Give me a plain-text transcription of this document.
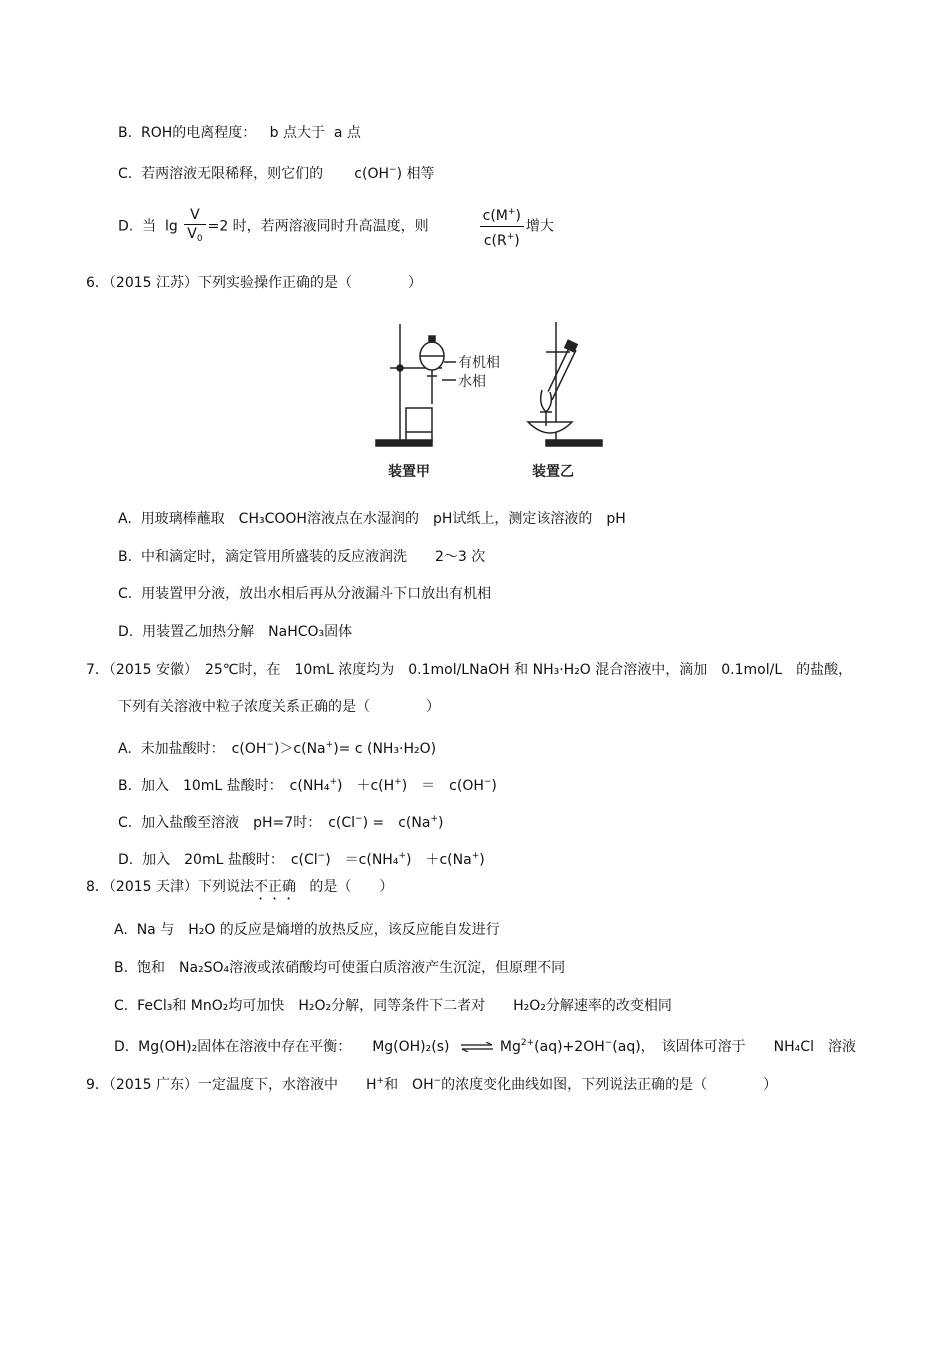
B. ROH的电离程度： b 点大于 a 点
C. 若两溶液无限稀释，则它们的 c(OH−) 相等
D. 当 $\lg \frac{V}{V_0} =2$ 时，若两溶液同时升高温度，则	$\frac{c(M^+)}{c(R^+)}$ 增大
6．（2015 江苏）下列实验操作正确的是（　　　　）
有机相
水相
装置甲	装置乙
A. 用玻璃棒蘸取　CH₃COOH溶液点在水湿润的　pH试纸上，测定该溶液的　pH
B. 中和滴定时，滴定管用所盛装的反应液润洗　　2～3 次
C. 用装置甲分液，放出水相后再从分液漏斗下口放出有机相
D. 用装置乙加热分解　NaHCO₃固体
7．（2015 安徽）　25℃时，在　10mL 浓度均为　0.1mol/LNaOH 和 NH₃·H₂O 混合溶液中，滴加　0.1mol/L　的盐酸，
下列有关溶液中粒子浓度关系正确的是（　　　　）
A. 未加盐酸时：　c(OH−)＞c(Na+)= c (NH₃·H₂O)
B. 加入　10mL 盐酸时：　c(NH₄+)　＋c(H+)　＝　c(OH−)
C. 加入盐酸至溶液　pH=7时：　c(Cl−) =　c(Na+)
D. 加入　20mL 盐酸时：　c(Cl−)　＝c(NH₄+)　＋c(Na+)
8．（2015 天津）下列说法不正确 的是（　　）
A. Na 与　H₂O 的反应是熵增的放热反应，该反应能自发进行
B. 饱和　Na₂SO₄溶液或浓硝酸均可使蛋白质溶液产生沉淀，但原理不同
C. FeCl₃和 MnO₂均可加快　H₂O₂分解，同等条件下二者对　　H₂O₂分解速率的改变相同
D. Mg(OH)₂固体在溶液中存在平衡：　　Mg(OH)₂(s) ⇌ $Mg^{2+}(aq)+2OH^-(aq)$，　该固体可溶于　　NH₄Cl　溶液
9．（2015 广东）一定温度下，水溶液中　　H+和　OH−的浓度变化曲线如图，下列说法正确的是（　　　　）
